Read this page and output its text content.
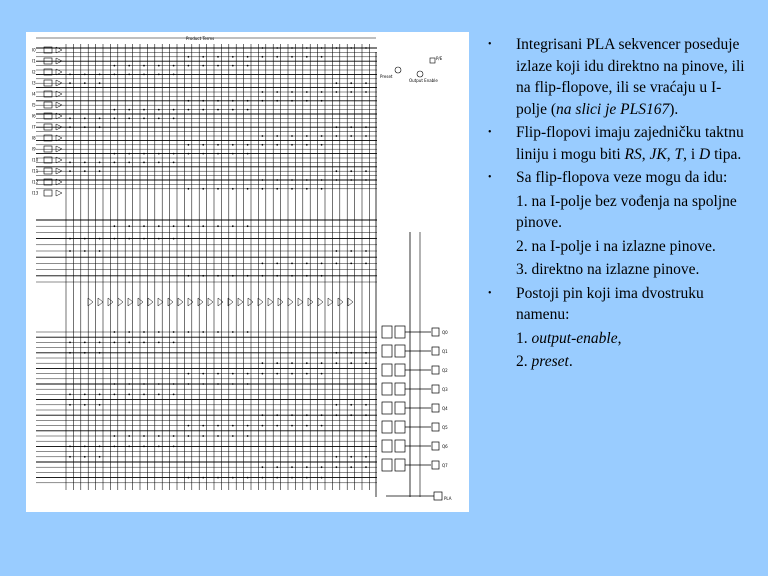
I0
I1
I2
I3
I4
I5
I6
I7
I8
I9
I10
I11
I12
I13
Q0
Q1
Q2
Q3
Q4
Q5
Q6
Q7
Product Terms
Preset
Output Enable
P/E
PLA
• Integrisani PLA sekvencer poseduje izlaze koji idu direktno na pinove, ili na flip-flopove, ili se vraćaju u I-polje (na slici je PLS167).
• Flip-flopovi imaju zajedničku taktnu liniju i mogu biti RS, JK, T, i D tipa.
• Sa flip-flopova veze mogu da idu:
1. na I-polje bez vođenja na spoljne pinove.
2. na I-polje i na izlazne pinove.
3. direktno na izlazne pinove.
• Postoji pin koji ima dvostruku namenu:
1. output-enable,
2. preset.
